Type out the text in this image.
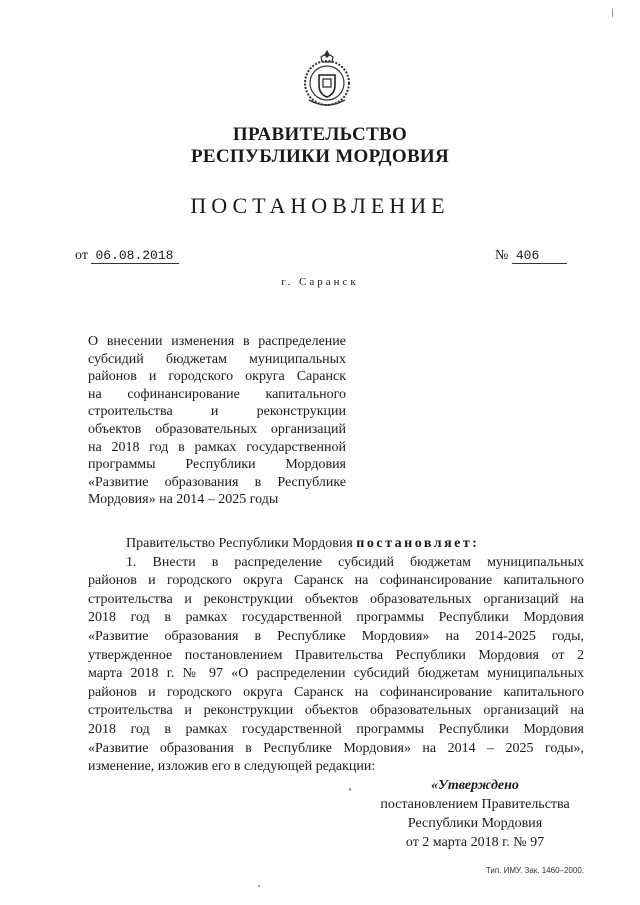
ПРАВИТЕЛЬСТВО
РЕСПУБЛИКИ МОРДОВИЯ
ПОСТАНОВЛЕНИЕ
от 06.08.2018	№ 406
г. Саранск
О внесении изменения в распределение
субсидий бюджетам муниципальных
районов и городского округа Саранск
на софинансирование капитального
строительства и реконструкции
объектов образовательных организаций
на 2018 год в рамках государственной
программы Республики Мордовия
«Развитие образования в Республике
Мордовия» на 2014 – 2025 годы
Правительство Республики Мордовия постановляет:
1. Внести в распределение субсидий бюджетам муниципальных
районов и городского округа Саранск на софинансирование капитального
строительства и реконструкции объектов образовательных организаций на
2018 год в рамках государственной программы Республики Мордовия
«Развитие образования в Республике Мордовия» на 2014-2025 годы,
утвержденное постановлением Правительства Республики Мордовия от 2
марта 2018 г. № 97 «О распределении субсидий бюджетам муниципальных
районов и городского округа Саранск на софинансирование капитального
строительства и реконструкции объектов образовательных организаций на
2018 год в рамках государственной программы Республики Мордовия
«Развитие образования в Республике Мордовия» на 2014 – 2025 годы»,
изменение, изложив его в следующей редакции:
«Утверждено
постановлением Правительства
Республики Мордовия
от 2 марта 2018 г. № 97
Тип. ИМУ. Зак. 1460–2000.
